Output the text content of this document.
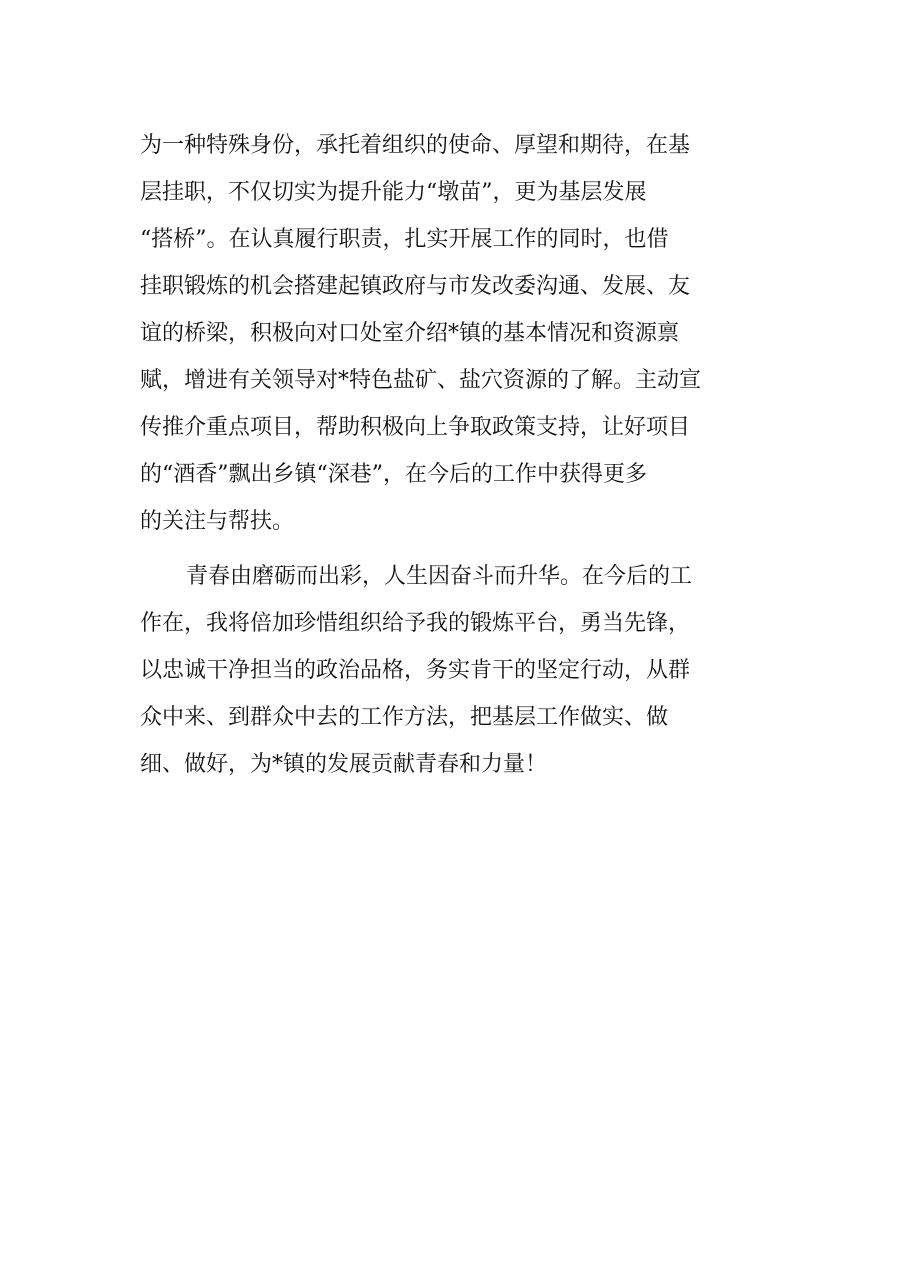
为一种特殊身份，承托着组织的使命、厚望和期待，在基
层挂职，不仅切实为提升能力“墩苗”，更为基层发展
“搭桥”。在认真履行职责，扎实开展工作的同时，也借
挂职锻炼的机会搭建起镇政府与市发改委沟通、发展、友
谊的桥梁，积极向对口处室介绍*镇的基本情况和资源禀
赋，增进有关领导对*特色盐矿、盐穴资源的了解。主动宣
传推介重点项目，帮助积极向上争取政策支持，让好项目
的“酒香”飘出乡镇“深巷”，在今后的工作中获得更多
的关注与帮扶。
青春由磨砺而出彩，人生因奋斗而升华。在今后的工
作在，我将倍加珍惜组织给予我的锻炼平台，勇当先锋，
以忠诚干净担当的政治品格，务实肯干的坚定行动，从群
众中来、到群众中去的工作方法，把基层工作做实、做
细、做好，为*镇的发展贡献青春和力量！
